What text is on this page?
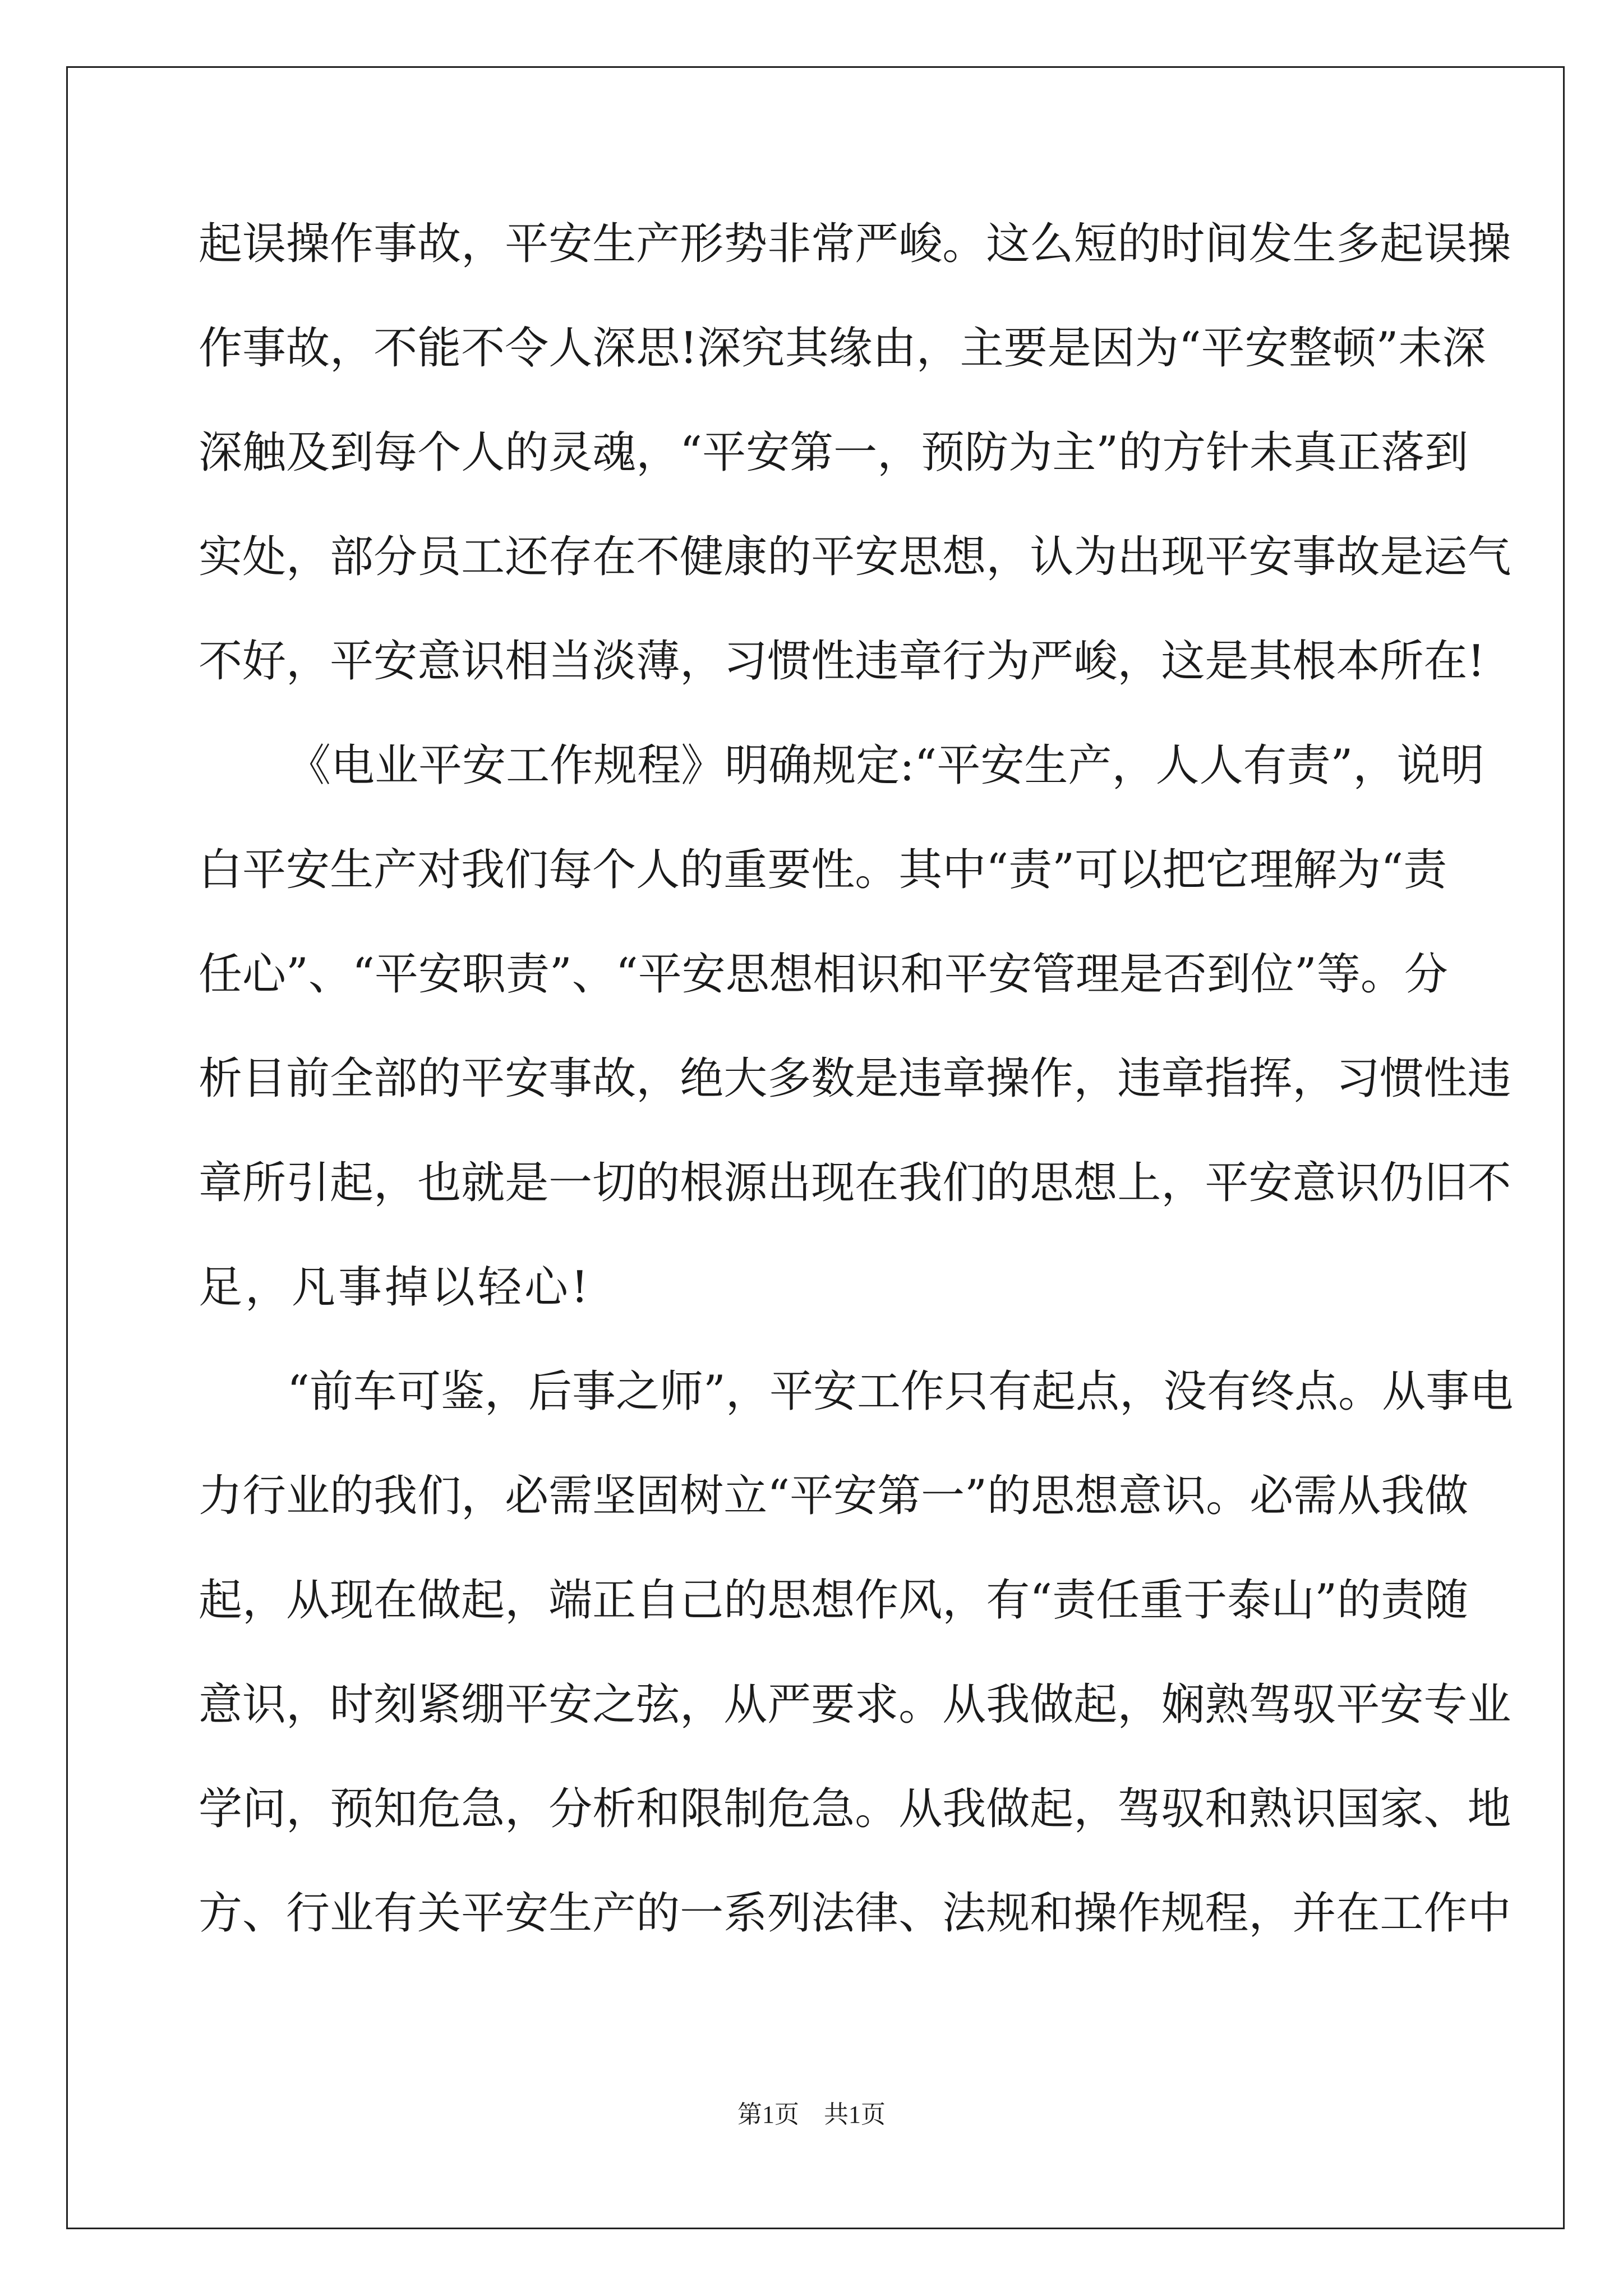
起 误 操 作 事 故 ， 平 安 生 产 形 势 非 常 严 峻 。 这 么 短 的 时 间 发 生 多 起 误 操
作 事 故 ， 不 能 不 令 人 深 思 ! 深 究 其 缘 由 ， 主 要 是 因 为 “ 平 安 整 顿 ” 未 深
深 触 及 到 每 个 人 的 灵 魂 ， “ 平 安 第 一 ， 预 防 为 主 ” 的 方 针 未 真 正 落 到
实 处 ， 部 分 员 工 还 存 在 不 健 康 的 平 安 思 想 ， 认 为 出 现 平 安 事 故 是 运 气
不 好 ， 平 安 意 识 相 当 淡 薄 ， 习 惯 性 违 章 行 为 严 峻 ， 这 是 其 根 本 所 在 !
《 电 业 平 安 工 作 规 程 》 明 确 规 定 : “ 平 安 生 产 ， 人 人 有 责 ” ， 说 明
白 平 安 生 产 对 我 们 每 个 人 的 重 要 性 。 其 中 “ 责 ” 可 以 把 它 理 解 为 “ 责
任 心 ” 、 “ 平 安 职 责 ” 、 “ 平 安 思 想 相 识 和 平 安 管 理 是 否 到 位 ” 等 。 分
析 目 前 全 部 的 平 安 事 故 ， 绝 大 多 数 是 违 章 操 作 ， 违 章 指 挥 ， 习 惯 性 违
章 所 引 起 ， 也 就 是 一 切 的 根 源 出 现 在 我 们 的 思 想 上 ， 平 安 意 识 仍 旧 不
足，凡事掉以轻心!
“ 前 车 可 鉴 ， 后 事 之 师 ” ， 平 安 工 作 只 有 起 点 ， 没 有 终 点 。 从 事 电
力 行 业 的 我 们 ， 必 需 坚 固 树 立 “ 平 安 第 一 ” 的 思 想 意 识 。 必 需 从 我 做
起 ， 从 现 在 做 起 ， 端 正 自 己 的 思 想 作 风 ， 有 “ 责 任 重 于 泰 山 ” 的 责 随
意 识 ， 时 刻 紧 绷 平 安 之 弦 ， 从 严 要 求 。 从 我 做 起 ， 娴 熟 驾 驭 平 安 专 业
学 问 ， 预 知 危 急 ， 分 析 和 限 制 危 急 。 从 我 做 起 ， 驾 驭 和 熟 识 国 家 、 地
方 、 行 业 有 关 平 安 生 产 的 一 系 列 法 律 、 法 规 和 操 作 规 程 ， 并 在 工 作 中
第1页 共1页
